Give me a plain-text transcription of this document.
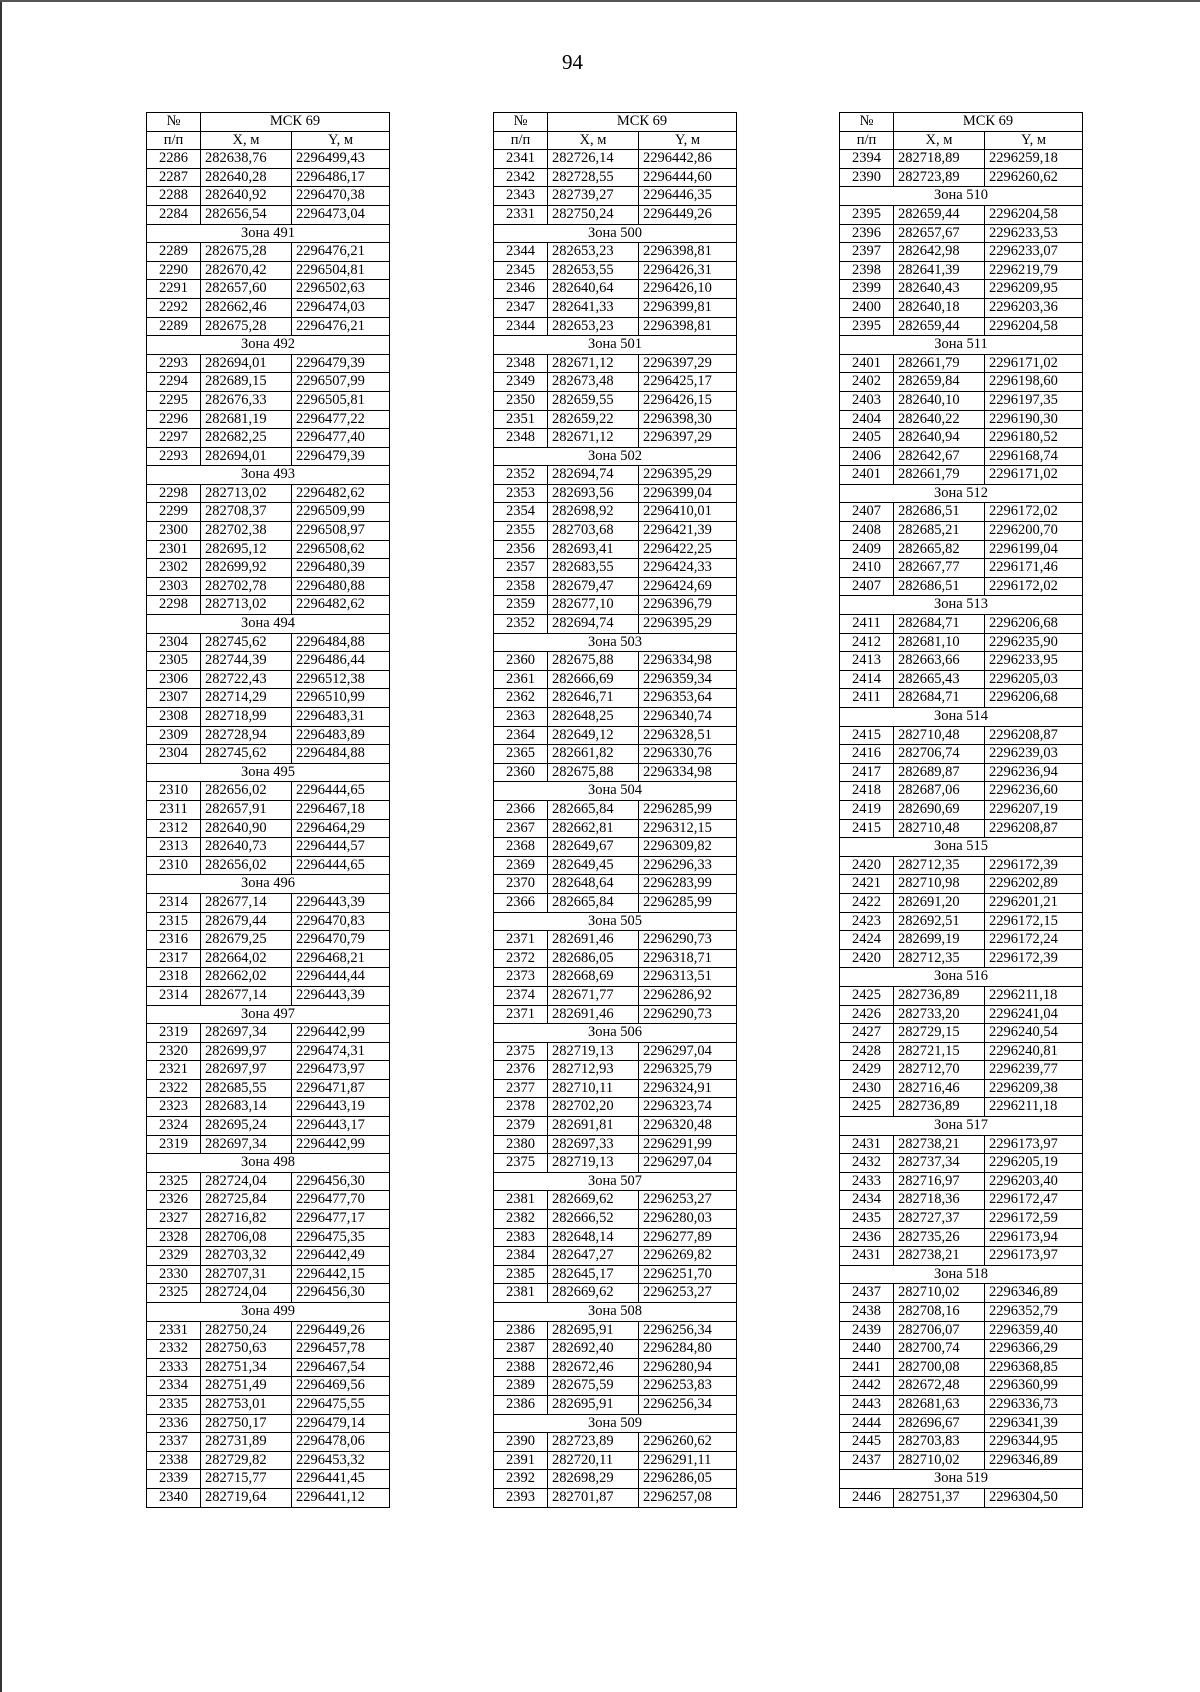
94
№	МСК 69	
п/п	X, м	Y, м
2286	282638,76	2296499,43
2287	282640,28	2296486,17
2288	282640,92	2296470,38
2284	282656,54	2296473,04
Зона 491		
2289	282675,28	2296476,21
2290	282670,42	2296504,81
2291	282657,60	2296502,63
2292	282662,46	2296474,03
2289	282675,28	2296476,21
Зона 492		
2293	282694,01	2296479,39
2294	282689,15	2296507,99
2295	282676,33	2296505,81
2296	282681,19	2296477,22
2297	282682,25	2296477,40
2293	282694,01	2296479,39
Зона 493		
2298	282713,02	2296482,62
2299	282708,37	2296509,99
2300	282702,38	2296508,97
2301	282695,12	2296508,62
2302	282699,92	2296480,39
2303	282702,78	2296480,88
2298	282713,02	2296482,62
Зона 494		
2304	282745,62	2296484,88
2305	282744,39	2296486,44
2306	282722,43	2296512,38
2307	282714,29	2296510,99
2308	282718,99	2296483,31
2309	282728,94	2296483,89
2304	282745,62	2296484,88
Зона 495		
2310	282656,02	2296444,65
2311	282657,91	2296467,18
2312	282640,90	2296464,29
2313	282640,73	2296444,57
2310	282656,02	2296444,65
Зона 496		
2314	282677,14	2296443,39
2315	282679,44	2296470,83
2316	282679,25	2296470,79
2317	282664,02	2296468,21
2318	282662,02	2296444,44
2314	282677,14	2296443,39
Зона 497		
2319	282697,34	2296442,99
2320	282699,97	2296474,31
2321	282697,97	2296473,97
2322	282685,55	2296471,87
2323	282683,14	2296443,19
2324	282695,24	2296443,17
2319	282697,34	2296442,99
Зона 498		
2325	282724,04	2296456,30
2326	282725,84	2296477,70
2327	282716,82	2296477,17
2328	282706,08	2296475,35
2329	282703,32	2296442,49
2330	282707,31	2296442,15
2325	282724,04	2296456,30
Зона 499		
2331	282750,24	2296449,26
2332	282750,63	2296457,78
2333	282751,34	2296467,54
2334	282751,49	2296469,56
2335	282753,01	2296475,55
2336	282750,17	2296479,14
2337	282731,89	2296478,06
2338	282729,82	2296453,32
2339	282715,77	2296441,45
2340	282719,64	2296441,12
№	МСК 69	
п/п	X, м	Y, м
2341	282726,14	2296442,86
2342	282728,55	2296444,60
2343	282739,27	2296446,35
2331	282750,24	2296449,26
Зона 500		
2344	282653,23	2296398,81
2345	282653,55	2296426,31
2346	282640,64	2296426,10
2347	282641,33	2296399,81
2344	282653,23	2296398,81
Зона 501		
2348	282671,12	2296397,29
2349	282673,48	2296425,17
2350	282659,55	2296426,15
2351	282659,22	2296398,30
2348	282671,12	2296397,29
Зона 502		
2352	282694,74	2296395,29
2353	282693,56	2296399,04
2354	282698,92	2296410,01
2355	282703,68	2296421,39
2356	282693,41	2296422,25
2357	282683,55	2296424,33
2358	282679,47	2296424,69
2359	282677,10	2296396,79
2352	282694,74	2296395,29
Зона 503		
2360	282675,88	2296334,98
2361	282666,69	2296359,34
2362	282646,71	2296353,64
2363	282648,25	2296340,74
2364	282649,12	2296328,51
2365	282661,82	2296330,76
2360	282675,88	2296334,98
Зона 504		
2366	282665,84	2296285,99
2367	282662,81	2296312,15
2368	282649,67	2296309,82
2369	282649,45	2296296,33
2370	282648,64	2296283,99
2366	282665,84	2296285,99
Зона 505		
2371	282691,46	2296290,73
2372	282686,05	2296318,71
2373	282668,69	2296313,51
2374	282671,77	2296286,92
2371	282691,46	2296290,73
Зона 506		
2375	282719,13	2296297,04
2376	282712,93	2296325,79
2377	282710,11	2296324,91
2378	282702,20	2296323,74
2379	282691,81	2296320,48
2380	282697,33	2296291,99
2375	282719,13	2296297,04
Зона 507		
2381	282669,62	2296253,27
2382	282666,52	2296280,03
2383	282648,14	2296277,89
2384	282647,27	2296269,82
2385	282645,17	2296251,70
2381	282669,62	2296253,27
Зона 508		
2386	282695,91	2296256,34
2387	282692,40	2296284,80
2388	282672,46	2296280,94
2389	282675,59	2296253,83
2386	282695,91	2296256,34
Зона 509		
2390	282723,89	2296260,62
2391	282720,11	2296291,11
2392	282698,29	2296286,05
2393	282701,87	2296257,08
№	МСК 69	
п/п	X, м	Y, м
2394	282718,89	2296259,18
2390	282723,89	2296260,62
Зона 510		
2395	282659,44	2296204,58
2396	282657,67	2296233,53
2397	282642,98	2296233,07
2398	282641,39	2296219,79
2399	282640,43	2296209,95
2400	282640,18	2296203,36
2395	282659,44	2296204,58
Зона 511		
2401	282661,79	2296171,02
2402	282659,84	2296198,60
2403	282640,10	2296197,35
2404	282640,22	2296190,30
2405	282640,94	2296180,52
2406	282642,67	2296168,74
2401	282661,79	2296171,02
Зона 512		
2407	282686,51	2296172,02
2408	282685,21	2296200,70
2409	282665,82	2296199,04
2410	282667,77	2296171,46
2407	282686,51	2296172,02
Зона 513		
2411	282684,71	2296206,68
2412	282681,10	2296235,90
2413	282663,66	2296233,95
2414	282665,43	2296205,03
2411	282684,71	2296206,68
Зона 514		
2415	282710,48	2296208,87
2416	282706,74	2296239,03
2417	282689,87	2296236,94
2418	282687,06	2296236,60
2419	282690,69	2296207,19
2415	282710,48	2296208,87
Зона 515		
2420	282712,35	2296172,39
2421	282710,98	2296202,89
2422	282691,20	2296201,21
2423	282692,51	2296172,15
2424	282699,19	2296172,24
2420	282712,35	2296172,39
Зона 516		
2425	282736,89	2296211,18
2426	282733,20	2296241,04
2427	282729,15	2296240,54
2428	282721,15	2296240,81
2429	282712,70	2296239,77
2430	282716,46	2296209,38
2425	282736,89	2296211,18
Зона 517		
2431	282738,21	2296173,97
2432	282737,34	2296205,19
2433	282716,97	2296203,40
2434	282718,36	2296172,47
2435	282727,37	2296172,59
2436	282735,26	2296173,94
2431	282738,21	2296173,97
Зона 518		
2437	282710,02	2296346,89
2438	282708,16	2296352,79
2439	282706,07	2296359,40
2440	282700,74	2296366,29
2441	282700,08	2296368,85
2442	282672,48	2296360,99
2443	282681,63	2296336,73
2444	282696,67	2296341,39
2445	282703,83	2296344,95
2437	282710,02	2296346,89
Зона 519		
2446	282751,37	2296304,50
